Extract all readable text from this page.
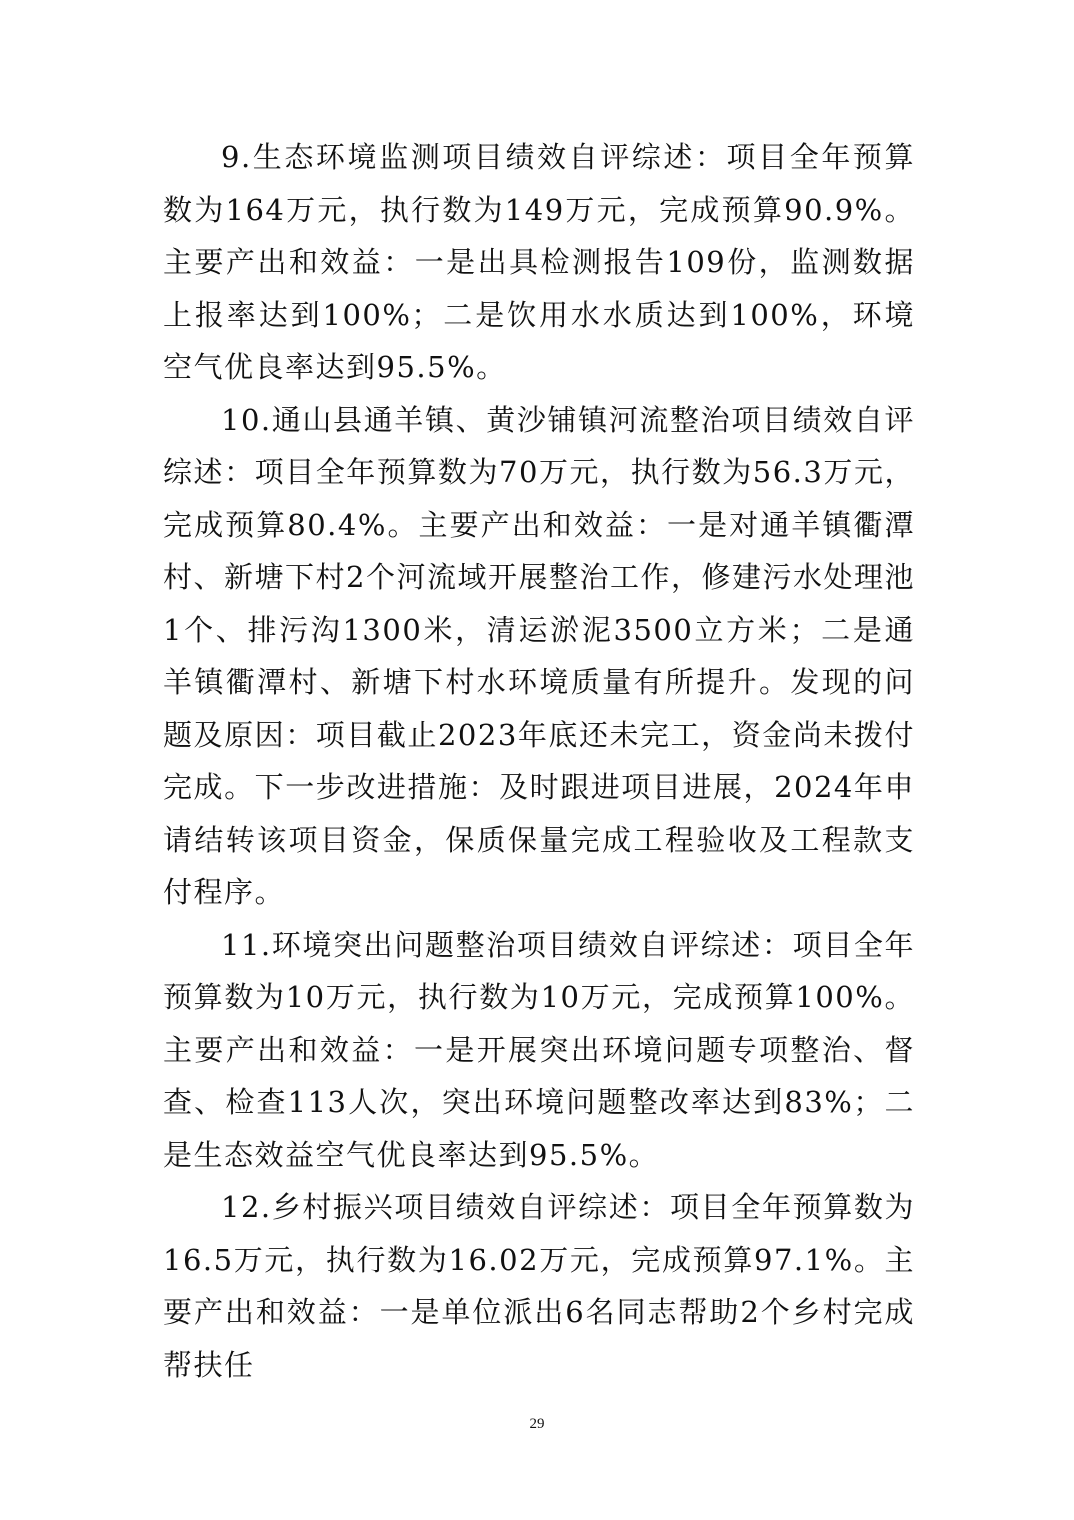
9.生态环境监测项目绩效自评综述：项目全年预算数为164万元，执行数为149万元，完成预算90.9%。主要产出和效益：一是出具检测报告109份，监测数据上报率达到100%；二是饮用水水质达到100%，环境空气优良率达到95.5%。

10.通山县通羊镇、黄沙铺镇河流整治项目绩效自评综述：项目全年预算数为70万元，执行数为56.3万元，完成预算80.4%。主要产出和效益：一是对通羊镇衢潭村、新塘下村2个河流域开展整治工作，修建污水处理池1个、排污沟1300米，清运淤泥3500立方米；二是通羊镇衢潭村、新塘下村水环境质量有所提升。发现的问题及原因：项目截止2023年底还未完工，资金尚未拨付完成。下一步改进措施：及时跟进项目进展，2024年申请结转该项目资金，保质保量完成工程验收及工程款支付程序。

11.环境突出问题整治项目绩效自评综述：项目全年预算数为10万元，执行数为10万元，完成预算100%。主要产出和效益：一是开展突出环境问题专项整治、督查、检查113人次，突出环境问题整改率达到83%；二是生态效益空气优良率达到95.5%。

12.乡村振兴项目绩效自评综述：项目全年预算数为16.5万元，执行数为16.02万元，完成预算97.1%。主要产出和效益：一是单位派出6名同志帮助2个乡村完成帮扶任

29
